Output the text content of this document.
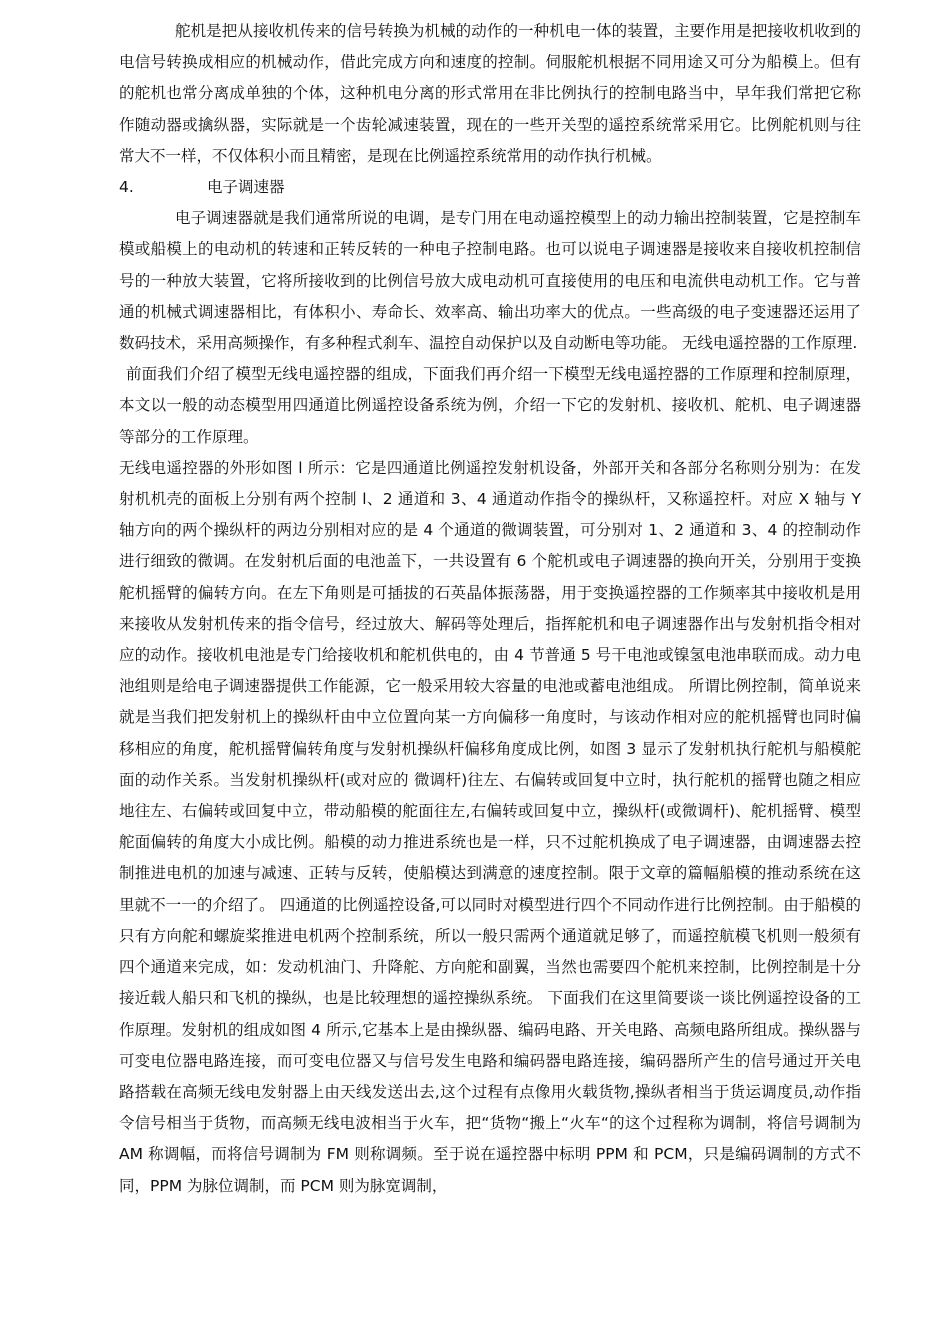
舵机是把从接收机传来的信号转换为机械的动作的一种机电一体的装置，主要作用是把接收机收到的电信号转换成相应的机械动作，借此完成方向和速度的控制。伺服舵机根据不同用途又可分为船模上。但有的舵机也常分离成单独的个体，这种机电分离的形式常用在非比例执行的控制电路当中，早年我们常把它称作随动器或擒纵器，实际就是一个齿轮减速装置，现在的一些开关型的遥控系统常采用它。比例舵机则与往常大不一样，不仅体积小而且精密，是现在比例遥控系统常用的动作执行机械。

4.	电子调速器

电子调速器就是我们通常所说的电调，是专门用在电动遥控模型上的动力输出控制装置，它是控制车模或船模上的电动机的转速和正转反转的一种电子控制电路。也可以说电子调速器是接收来自接收机控制信号的一种放大装置，它将所接收到的比例信号放大成电动机可直接使用的电压和电流供电动机工作。它与普通的机械式调速器相比，有体积小、寿命长、效率高、输出功率大的优点。一些高级的电子变速器还运用了数码技术，采用高频操作，有多种程式刹车、温控自动保护以及自动断电等功能。 无线电遥控器的工作原理.

前面我们介绍了模型无线电遥控器的组成，下面我们再介绍一下模型无线电遥控器的工作原理和控制原理，本文以一般的动态模型用四通道比例遥控设备系统为例，介绍一下它的发射机、接收机、舵机、电子调速器等部分的工作原理。

无线电遥控器的外形如图 l 所示：它是四通道比例遥控发射机设备，外部开关和各部分名称则分别为：在发射机机壳的面板上分别有两个控制 l、2 通道和 3、4 通道动作指令的操纵杆，又称遥控杆。对应 X 轴与 Y 轴方向的两个操纵杆的两边分别相对应的是 4 个通道的微调装置，可分别对 1、2 通道和 3、4 的控制动作进行细致的微调。在发射机后面的电池盖下，一共设置有 6 个舵机或电子调速器的换向开关，分别用于变换舵机摇臂的偏转方向。在左下角则是可插拔的石英晶体振荡器，用于变换遥控器的工作频率其中接收机是用来接收从发射机传来的指令信号，经过放大、解码等处理后，指挥舵机和电子调速器作出与发射机指令相对应的动作。接收机电池是专门给接收机和舵机供电的，由 4 节普通 5 号干电池或镍氢电池串联而成。动力电池组则是给电子调速器提供工作能源，它一般采用较大容量的电池或蓄电池组成。 所谓比例控制，简单说来就是当我们把发射机上的操纵杆由中立位置向某一方向偏移一角度时，与该动作相对应的舵机摇臂也同时偏移相应的角度，舵机摇臂偏转角度与发射机操纵杆偏移角度成比例，如图 3 显示了发射机执行舵机与船模舵面的动作关系。当发射机操纵杆(或对应的 微调杆)往左、右偏转或回复中立时，执行舵机的摇臂也随之相应地往左、右偏转或回复中立，带动船模的舵面往左,右偏转或回复中立，操纵杆(或微调杆)、舵机摇臂、模型舵面偏转的角度大小成比例。船模的动力推进系统也是一样，只不过舵机换成了电子调速器，由调速器去控制推进电机的加速与减速、正转与反转，使船模达到满意的速度控制。限于文章的篇幅船模的推动系统在这里就不一一的介绍了。 四通道的比例遥控设备,可以同时对模型进行四个不同动作进行比例控制。由于船模的只有方向舵和螺旋桨推进电机两个控制系统，所以一般只需两个通道就足够了，而遥控航模飞机则一般须有四个通道来完成，如：发动机油门、升降舵、方向舵和副翼，当然也需要四个舵机来控制，比例控制是十分接近载人船只和飞机的操纵，也是比较理想的遥控操纵系统。 下面我们在这里简要谈一谈比例遥控设备的工作原理。发射机的组成如图 4 所示,它基本上是由操纵器、编码电路、开关电路、高频电路所组成。操纵器与可变电位器电路连接，而可变电位器又与信号发生电路和编码器电路连接，编码器所产生的信号通过开关电路搭载在高频无线电发射器上由天线发送出去,这个过程有点像用火载货物,操纵者相当于货运调度员,动作指令信号相当于货物，而高频无线电波相当于火车，把“货物“搬上“火车“的这个过程称为调制，将信号调制为 AM 称调幅，而将信号调制为 FM 则称调频。至于说在遥控器中标明 PPM 和 PCM，只是编码调制的方式不同，PPM 为脉位调制，而 PCM 则为脉宽调制，
